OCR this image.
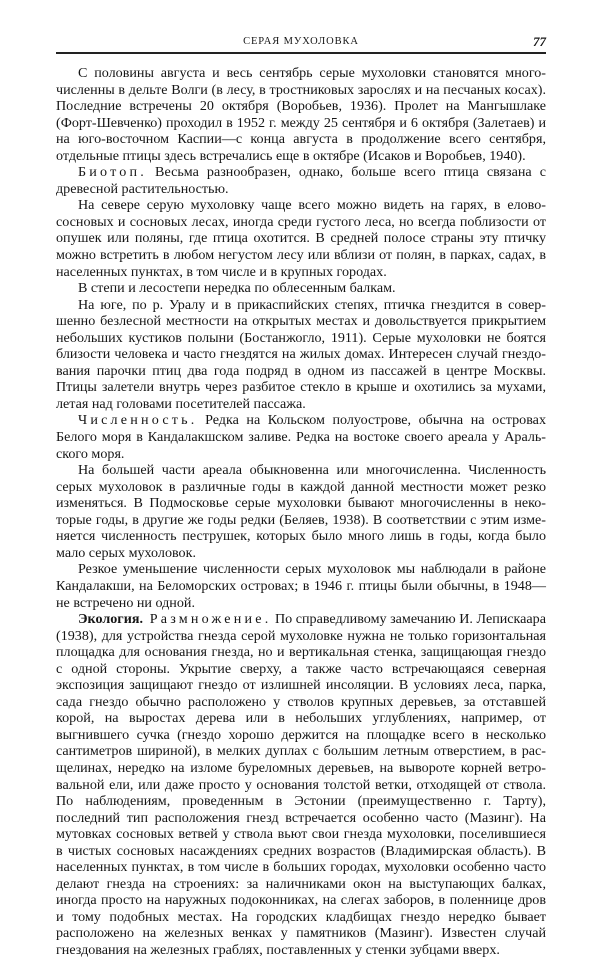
СЕРАЯ МУХОЛОВКА	77

С половины августа и весь сентябрь серые мухоловки становятся многочисленны в дельте Волги (в лесу, в тростниковых зарослях и на песчаных косах). Последние встречены 20 октября (Воробьев, 1936). Пролет на Мангышлаке (Форт-Шевченко) проходил в 1952 г. между 25 сентября и 6 октября (Залетаев) и на юго-восточном Каспии—с конца августа в продолжение всего сентября, отдельные птицы здесь встречались еще в октябре (Исаков и Воробьев, 1940).

Биотоп. Весьма разнообразен, однако, больше всего птица связана с древесной растительностью.

На севере серую мухоловку чаще всего можно видеть на гарях, в еловососновых и сосновых лесах, иногда среди густого леса, но всегда поблизости от опушек или поляны, где птица охотится. В средней полосе страны эту птичку можно встретить в любом негустом лесу или вблизи от полян, в парках, садах, в населенных пунктах, в том числе и в крупных городах.

В степи и лесостепи нередка по облесенным балкам.

На юге, по р. Уралу и в прикаспийских степях, птичка гнездится в совершенно безлесной местности на открытых местах и довольствуется прикрытием небольших кустиков полыни (Бостанжогло, 1911). Серые мухоловки не боятся близости человека и часто гнездятся на жилых домах. Интересен случай гнездования парочки птиц два года подряд в одном из пассажей в центре Москвы. Птицы залетели внутрь через разбитое стекло в крыше и охотились за мухами, летая над головами посетителей пассажа.

Численность. Редка на Кольском полуострове, обычна на островах Белого моря в Кандалакшском заливе. Редка на востоке своего ареала у Аральского моря.

На большей части ареала обыкновенна или многочисленна. Численность серых мухоловок в различные годы в каждой данной местности может резко изменяться. В Подмосковье серые мухоловки бывают многочисленны в некоторые годы, в другие же годы редки (Беляев, 1938). В соответствии с этим изменяется численность пеструшек, которых было много лишь в годы, когда было мало серых мухоловок.

Резкое уменьшение численности серых мухоловок мы наблюдали в районе Кандалакши, на Беломорских островах; в 1946 г. птицы были обычны, в 1948— не встречено ни одной.

Экология. Размножение. По справедливому замечанию И. Лепискаара (1938), для устройства гнезда серой мухоловке нужна не только горизонтальная площадка для основания гнезда, но и вертикальная стенка, защищающая гнездо с одной стороны. Укрытие сверху, а также часто встречающаяся северная экспозиция защищают гнездо от излишней инсоляции. В условиях леса, парка, сада гнездо обычно расположено у стволов крупных деревьев, за отставшей корой, на выростах дерева или в небольших углублениях, например, от выгнившего сучка (гнездо хорошо держится на площадке всего в несколько сантиметров шириной), в мелких дуплах с большим летным отверстием, в расщелинах, нередко на изломе буреломных деревьев, на вывороте корней ветровальной ели, или даже просто у основания толстой ветки, отходящей от ствола. По наблюдениям, проведенным в Эстонии (преимущественно г. Тарту), последний тип расположения гнезд встречается особенно часто (Мазинг). На мутовках сосновых ветвей у ствола вьют свои гнезда мухоловки, поселившиеся в чистых сосновых насаждениях средних возрастов (Владимирская область). В населенных пунктах, в том числе в больших городах, мухоловки особенно часто делают гнезда на строениях: за наличниками окон на выступающих балках, иногда просто на наружных подоконниках, на слегах заборов, в поленнице дров и тому подобных местах. На городских кладбищах гнездо нередко бывает расположено на железных венках у памятников (Мазинг). Известен случай гнездования на железных граблях, поставленных у стенки зубцами вверх.
